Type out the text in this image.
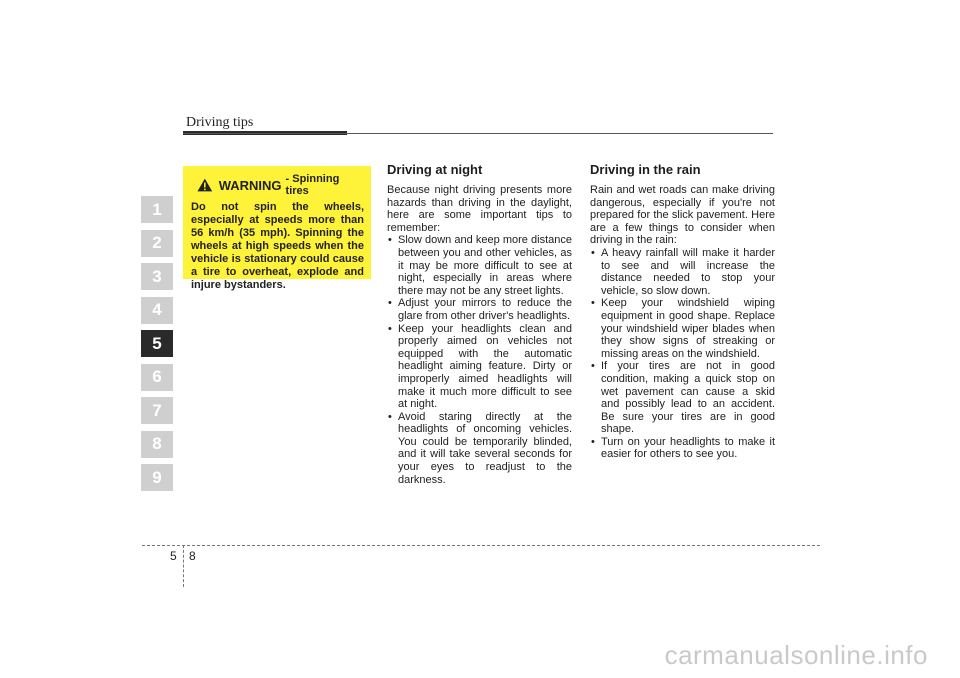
Driving tips
1
2
3
4
5
6
7
8
9
WARNING - Spinning tires
Do not spin the wheels, especially at speeds more than 56 km/h (35 mph). Spinning the wheels at high speeds when the vehicle is stationary could cause a tire to overheat, explode and injure bystanders.
Driving at night

Because night driving presents more hazards than driving in the daylight, here are some important tips to remember:

• Slow down and keep more distance between you and other vehicles, as it may be more difficult to see at night, especially in areas where there may not be any street lights.
• Adjust your mirrors to reduce the glare from other driver's headlights.
• Keep your headlights clean and properly aimed on vehicles not equipped with the automatic headlight aiming feature. Dirty or improperly aimed headlights will make it much more difficult to see at night.
• Avoid staring directly at the headlights of oncoming vehicles. You could be temporarily blinded, and it will take several seconds for your eyes to readjust to the darkness.
Driving in the rain

Rain and wet roads can make driving dangerous, especially if you're not prepared for the slick pavement. Here are a few things to consider when driving in the rain:

• A heavy rainfall will make it harder to see and will increase the distance needed to stop your vehicle, so slow down.
• Keep your windshield wiping equipment in good shape. Replace your windshield wiper blades when they show signs of streaking or missing areas on the windshield.
• If your tires are not in good condition, making a quick stop on wet pavement can cause a skid and possibly lead to an accident. Be sure your tires are in good shape.
• Turn on your headlights to make it easier for others to see you.
5 8
carmanualsonline.info
